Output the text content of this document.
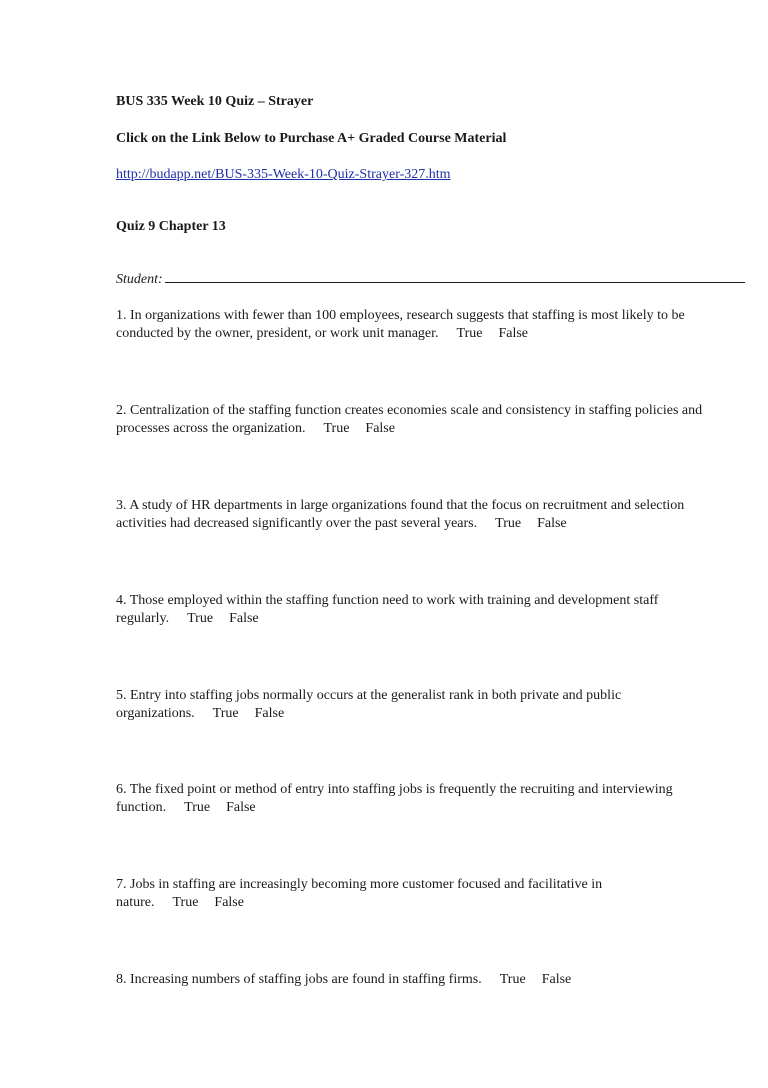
BUS 335 Week 10 Quiz – Strayer
Click on the Link Below to Purchase A+ Graded Course Material
http://budapp.net/BUS-335-Week-10-Quiz-Strayer-327.htm
Quiz 9 Chapter 13
Student:
1. In organizations with fewer than 100 employees, research suggests that staffing is most likely to be
conducted by the owner, president, or work unit manager. True False
2. Centralization of the staffing function creates economies scale and consistency in staffing policies and
processes across the organization. True False
3. A study of HR departments in large organizations found that the focus on recruitment and selection
activities had decreased significantly over the past several years. True False
4. Those employed within the staffing function need to work with training and development staff
regularly. True False
5. Entry into staffing jobs normally occurs at the generalist rank in both private and public
organizations. True False
6. The fixed point or method of entry into staffing jobs is frequently the recruiting and interviewing
function. True False
7. Jobs in staffing are increasingly becoming more customer focused and facilitative in
nature. True False
8. Increasing numbers of staffing jobs are found in staffing firms. True False
